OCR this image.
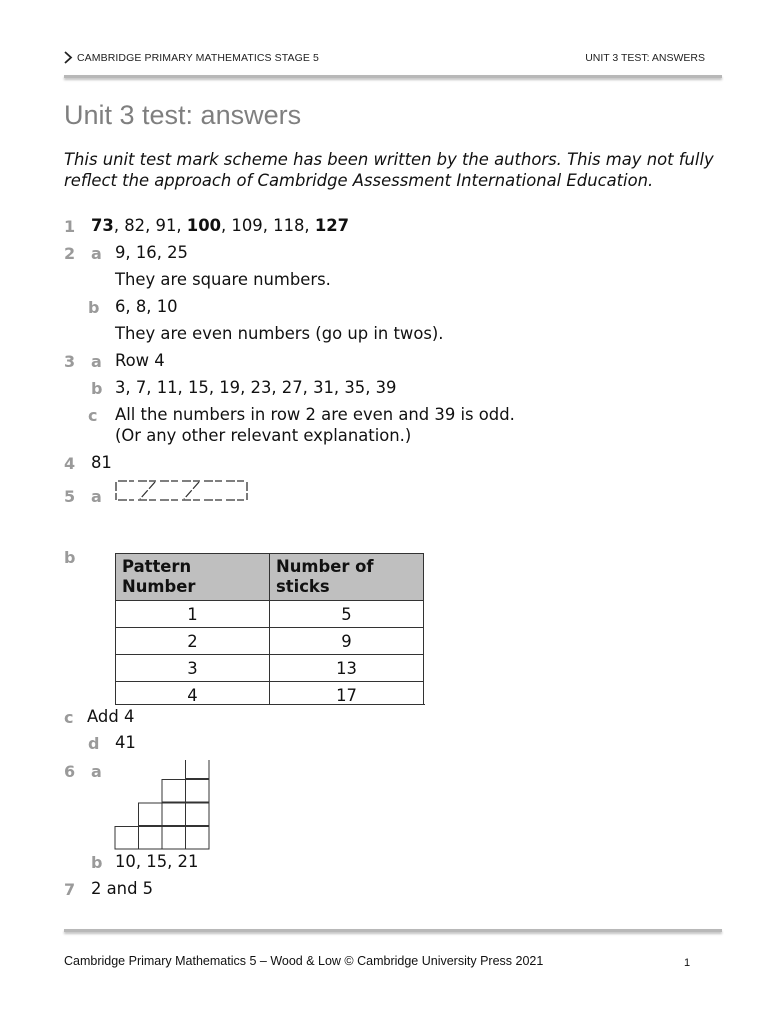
CAMBRIDGE PRIMARY MATHEMATICS STAGE 5	UNIT 3 TEST: ANSWERS
Unit 3 test: answers
This unit test mark scheme has been written by the authors. This may not fully reflect the approach of Cambridge Assessment International Education.
1 73, 82, 91, 100, 109, 118, 127
2 a 9, 16, 25
They are square numbers.
b 6, 8, 10
They are even numbers (go up in twos).
3 a Row 4
b 3, 7, 11, 15, 19, 23, 27, 31, 35, 39
c All the numbers in row 2 are even and 39 is odd.
(Or any other relevant explanation.)
4 81
5 a
b	Pattern Number	Number of sticks
1	5
2	9
3	13
4	17
c Add 4
d 41
6 a
b 10, 15, 21
7 2 and 5
Cambridge Primary Mathematics 5 – Wood & Low © Cambridge University Press 2021	1
